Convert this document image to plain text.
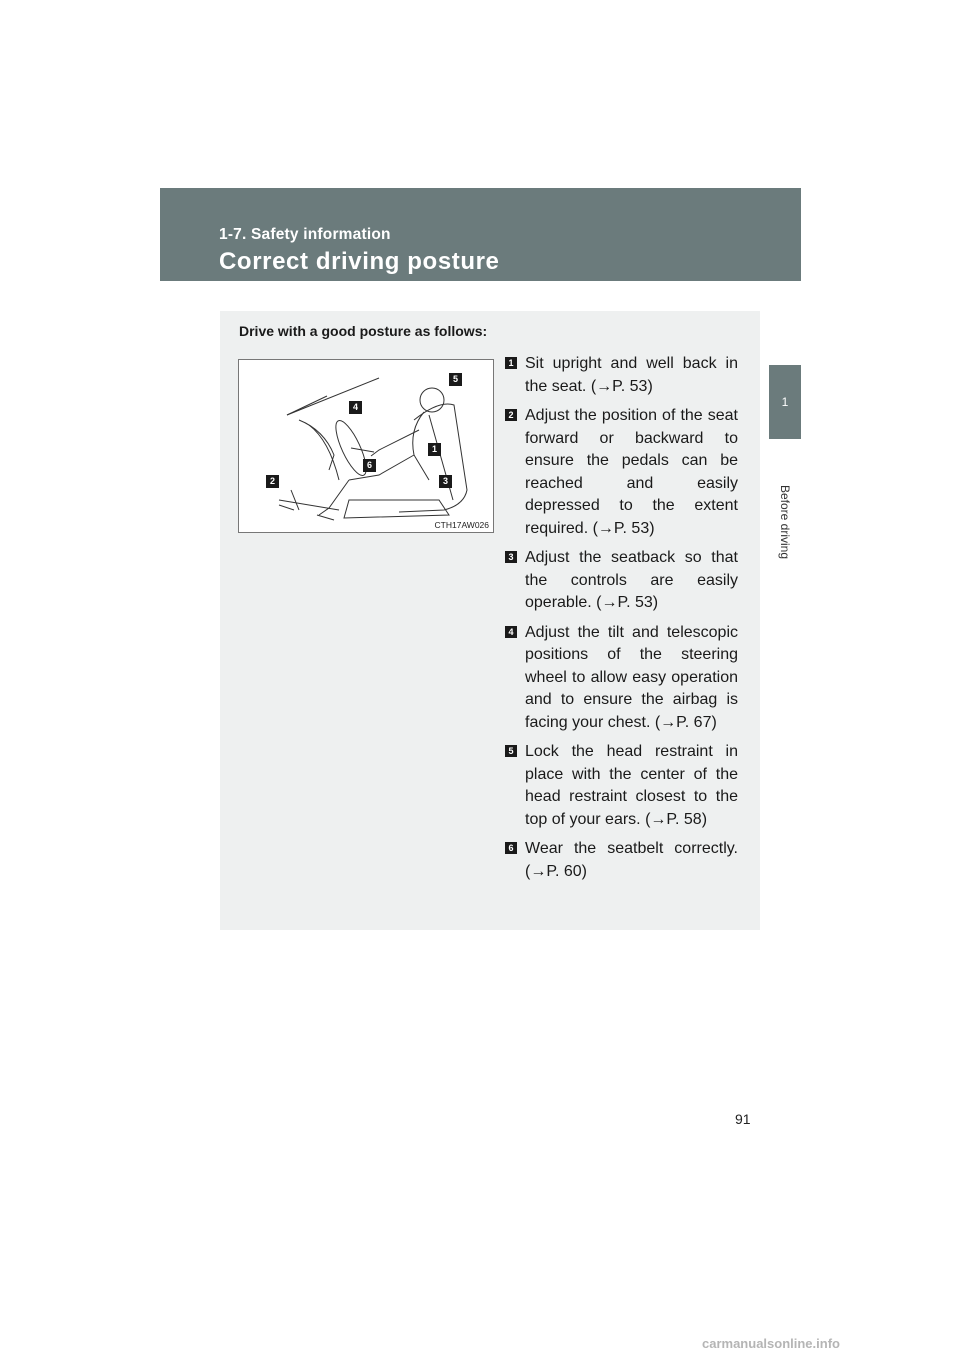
1-7. Safety information
Correct driving posture
1
Before driving
Drive with a good posture as follows:
1
2	3
4
5
6
CTH17AW026
1 Sit upright and well back in the seat. (→P. 53)
2 Adjust the position of the seat forward or backward to ensure the pedals can be reached and easily depressed to the extent required. (→P. 53)
3 Adjust the seatback so that the controls are easily operable. (→P. 53)
4 Adjust the tilt and telescopic positions of the steering wheel to allow easy operation and to ensure the airbag is facing your chest. (→P. 67)
5 Lock the head restraint in place with the center of the head restraint closest to the top of your ears. (→P. 58)
6 Wear the seatbelt correctly. (→P. 60)
91
carmanualsonline.info
